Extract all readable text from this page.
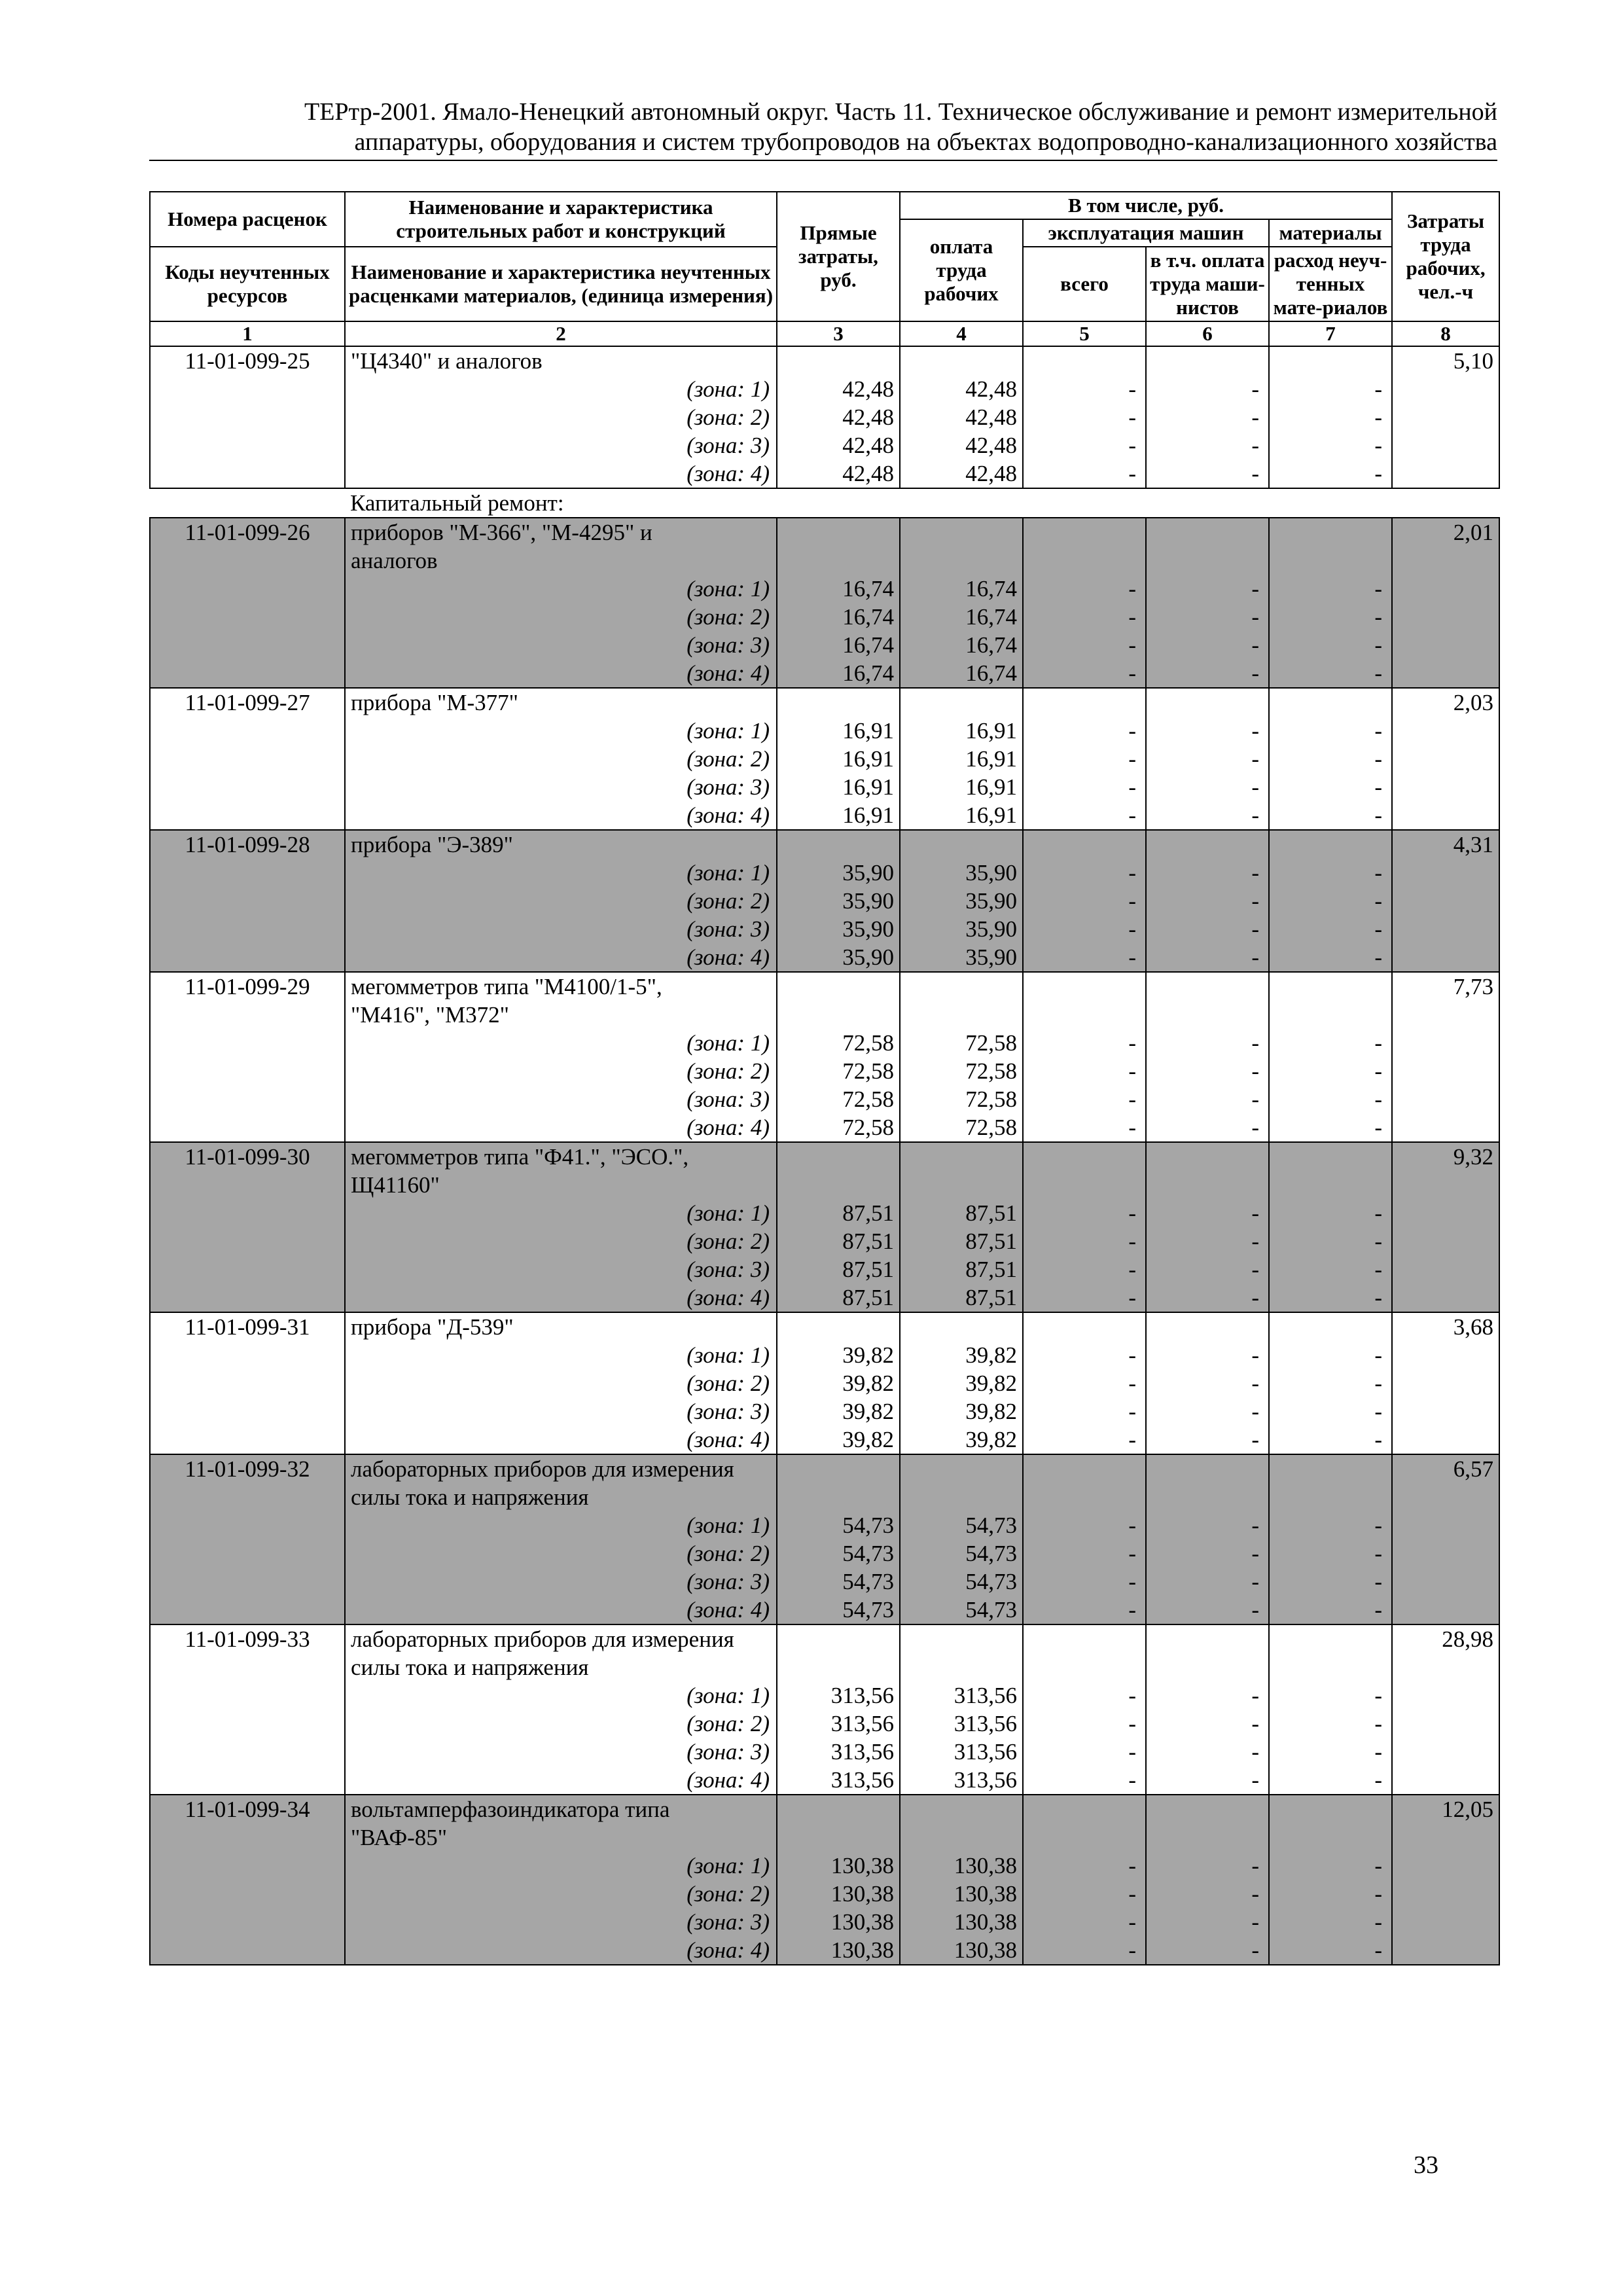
ТЕРтр-2001. Ямало-Ненецкий автономный округ. Часть 11. Техническое обслуживание и ремонт измерительной
аппаратуры, оборудования и систем трубопроводов на объектах водопроводно-канализационного хозяйства
Номера расценок	Наименование и характеристика строительных работ и конструкций	Прямые затраты, руб.	В том числе, руб.				Затраты труда рабочих, чел.-ч
			оплата труда рабочих	эксплуатация машин		материалы	
Коды неучтенных ресурсов	Наименование и характеристика неучтенных расценками материалов, (единица измерения)			всего	в т.ч. оплата труда маши-нистов	расход неуч-тенных мате-риалов	

1	2	3	4	5	6	7	8
11-01-099-25	"Ц4340" и аналогов						5,10
	(зона: 1)	42,48	42,48	-	-	-	
	(зона: 2)	42,48	42,48	-	-	-	
	(зона: 3)	42,48	42,48	-	-	-	
	(зона: 4)	42,48	42,48	-	-	-	
	Капитальный ремонт:						
11-01-099-26	приборов "М-366", "М-4295" и						2,01
	аналогов						
	(зона: 1)	16,74	16,74	-	-	-	
	(зона: 2)	16,74	16,74	-	-	-	
	(зона: 3)	16,74	16,74	-	-	-	
	(зона: 4)	16,74	16,74	-	-	-	
11-01-099-27	прибора "М-377"						2,03
	(зона: 1)	16,91	16,91	-	-	-	
	(зона: 2)	16,91	16,91	-	-	-	
	(зона: 3)	16,91	16,91	-	-	-	
	(зона: 4)	16,91	16,91	-	-	-	
11-01-099-28	прибора "Э-389"						4,31
	(зона: 1)	35,90	35,90	-	-	-	
	(зона: 2)	35,90	35,90	-	-	-	
	(зона: 3)	35,90	35,90	-	-	-	
	(зона: 4)	35,90	35,90	-	-	-	
11-01-099-29	мегомметров типа "М4100/1-5",						7,73
	"М416", "М372"						
	(зона: 1)	72,58	72,58	-	-	-	
	(зона: 2)	72,58	72,58	-	-	-	
	(зона: 3)	72,58	72,58	-	-	-	
	(зона: 4)	72,58	72,58	-	-	-	
11-01-099-30	мегомметров типа "Ф41.", "ЭСО.",						9,32
	Щ41160"						
	(зона: 1)	87,51	87,51	-	-	-	
	(зона: 2)	87,51	87,51	-	-	-	
	(зона: 3)	87,51	87,51	-	-	-	
	(зона: 4)	87,51	87,51	-	-	-	
11-01-099-31	прибора "Д-539"						3,68
	(зона: 1)	39,82	39,82	-	-	-	
	(зона: 2)	39,82	39,82	-	-	-	
	(зона: 3)	39,82	39,82	-	-	-	
	(зона: 4)	39,82	39,82	-	-	-	
11-01-099-32	лабораторных приборов для измерения						6,57
	силы тока и напряжения						
	(зона: 1)	54,73	54,73	-	-	-	
	(зона: 2)	54,73	54,73	-	-	-	
	(зона: 3)	54,73	54,73	-	-	-	
	(зона: 4)	54,73	54,73	-	-	-	
11-01-099-33	лабораторных приборов для измерения						28,98
	силы тока и напряжения						
	(зона: 1)	313,56	313,56	-	-	-	
	(зона: 2)	313,56	313,56	-	-	-	
	(зона: 3)	313,56	313,56	-	-	-	
	(зона: 4)	313,56	313,56	-	-	-	
11-01-099-34	вольтамперфазоиндикатора типа						12,05
	"ВАФ-85"						
	(зона: 1)	130,38	130,38	-	-	-	
	(зона: 2)	130,38	130,38	-	-	-	
	(зона: 3)	130,38	130,38	-	-	-	
	(зона: 4)	130,38	130,38	-	-	-	
33
